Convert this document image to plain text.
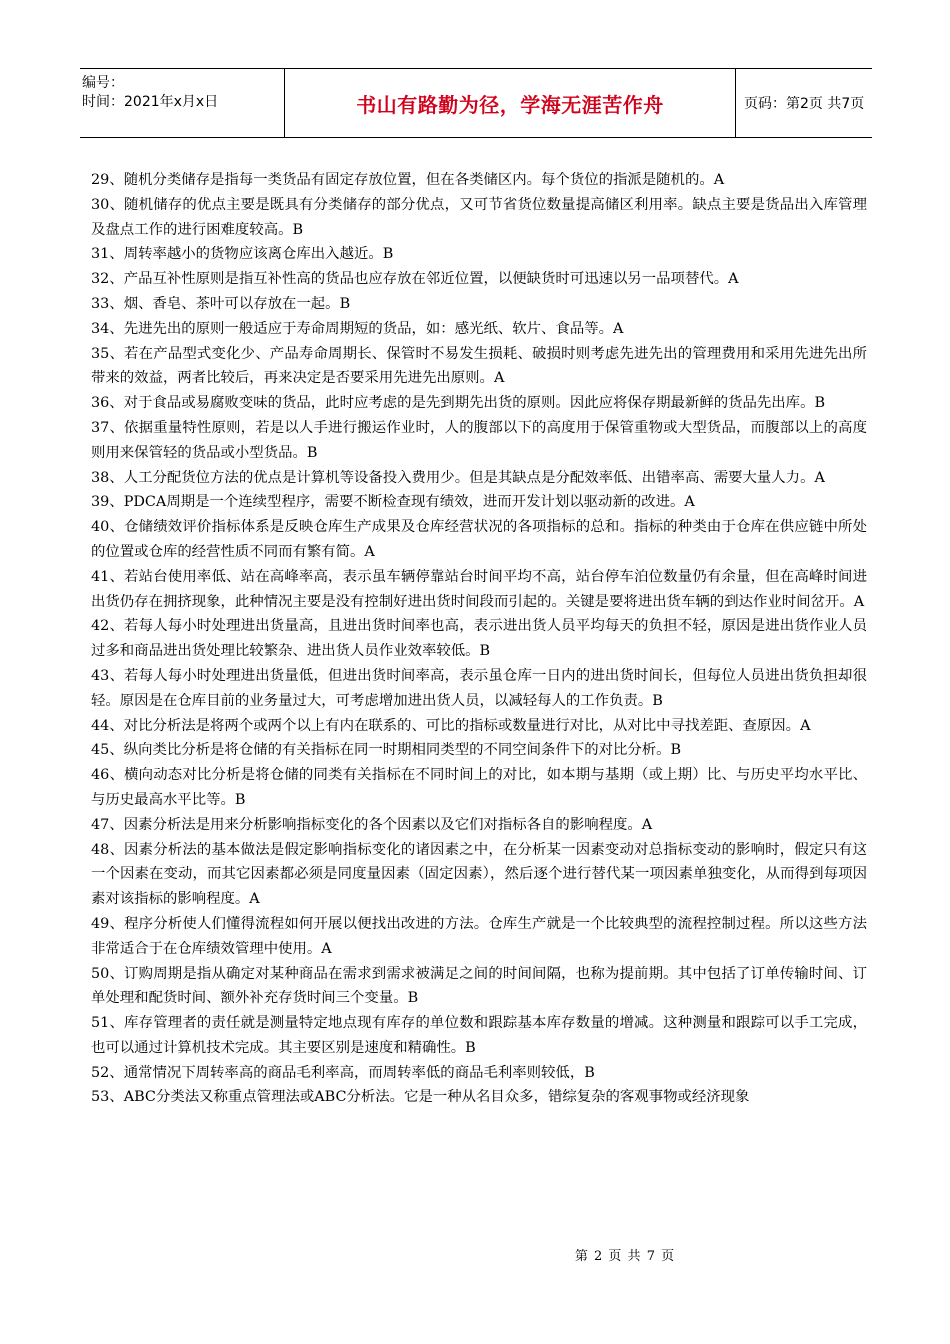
编号：
时间：2021年x月x日	书山有路勤为径，学海无涯苦作舟	页码：第2页 共7页

29、随机分类储存是指每一类货品有固定存放位置，但在各类储区内。每个货位的指派是随机的。A

30、随机储存的优点主要是既具有分类储存的部分优点，又可节省货位数量提高储区利用率。缺点主要是货品出入库管理及盘点工作的进行困难度较高。B

31、周转率越小的货物应该离仓库出入越近。B

32、产品互补性原则是指互补性高的货品也应存放在邻近位置，以便缺货时可迅速以另一品项替代。A

33、烟、香皂、茶叶可以存放在一起。B

34、先进先出的原则一般适应于寿命周期短的货品，如：感光纸、软片、食品等。A

35、若在产品型式变化少、产品寿命周期长、保管时不易发生损耗、破损时则考虑先进先出的管理费用和采用先进先出所带来的效益，两者比较后，再来决定是否要采用先进先出原则。A

36、对于食品或易腐败变味的货品，此时应考虑的是先到期先出货的原则。因此应将保存期最新鲜的货品先出库。B

37、依据重量特性原则，若是以人手进行搬运作业时，人的腹部以下的高度用于保管重物或大型货品，而腹部以上的高度则用来保管轻的货品或小型货品。B

38、人工分配货位方法的优点是计算机等设备投入费用少。但是其缺点是分配效率低、出错率高、需要大量人力。A

39、PDCA周期是一个连续型程序，需要不断检查现有绩效，进而开发计划以驱动新的改进。A

40、仓储绩效评价指标体系是反映仓库生产成果及仓库经营状况的各项指标的总和。指标的种类由于仓库在供应链中所处的位置或仓库的经营性质不同而有繁有简。A

41、若站台使用率低、站在高峰率高，表示虽车辆停靠站台时间平均不高，站台停车泊位数量仍有余量，但在高峰时间进出货仍存在拥挤现象，此种情况主要是没有控制好进出货时间段而引起的。关键是要将进出货车辆的到达作业时间岔开。A

42、若每人每小时处理进出货量高，且进出货时间率也高，表示进出货人员平均每天的负担不轻，原因是进出货作业人员过多和商品进出货处理比较繁杂、进出货人员作业效率较低。B

43、若每人每小时处理进出货量低，但进出货时间率高，表示虽仓库一日内的进出货时间长，但每位人员进出货负担却很轻。原因是在仓库目前的业务量过大，可考虑增加进出货人员，以减轻每人的工作负责。B

44、对比分析法是将两个或两个以上有内在联系的、可比的指标或数量进行对比，从对比中寻找差距、查原因。A

45、纵向类比分析是将仓储的有关指标在同一时期相同类型的不同空间条件下的对比分析。B

46、横向动态对比分析是将仓储的同类有关指标在不同时间上的对比，如本期与基期（或上期）比、与历史平均水平比、与历史最高水平比等。B

47、因素分析法是用来分析影响指标变化的各个因素以及它们对指标各自的影响程度。A

48、因素分析法的基本做法是假定影响指标变化的诸因素之中，在分析某一因素变动对总指标变动的影响时，假定只有这一个因素在变动，而其它因素都必须是同度量因素（固定因素），然后逐个进行替代某一项因素单独变化，从而得到每项因素对该指标的影响程度。A

49、程序分析使人们懂得流程如何开展以便找出改进的方法。仓库生产就是一个比较典型的流程控制过程。所以这些方法非常适合于在仓库绩效管理中使用。A

50、订购周期是指从确定对某种商品在需求到需求被满足之间的时间间隔，也称为提前期。其中包括了订单传输时间、订单处理和配货时间、额外补充存货时间三个变量。B

51、库存管理者的责任就是测量特定地点现有库存的单位数和跟踪基本库存数量的增减。这种测量和跟踪可以手工完成，也可以通过计算机技术完成。其主要区别是速度和精确性。B

52、通常情况下周转率高的商品毛利率高，而周转率低的商品毛利率则较低，B

53、ABC分类法又称重点管理法或ABC分析法。它是一种从名目众多，错综复杂的客观事物或经济现象

第 2 页 共 7 页
